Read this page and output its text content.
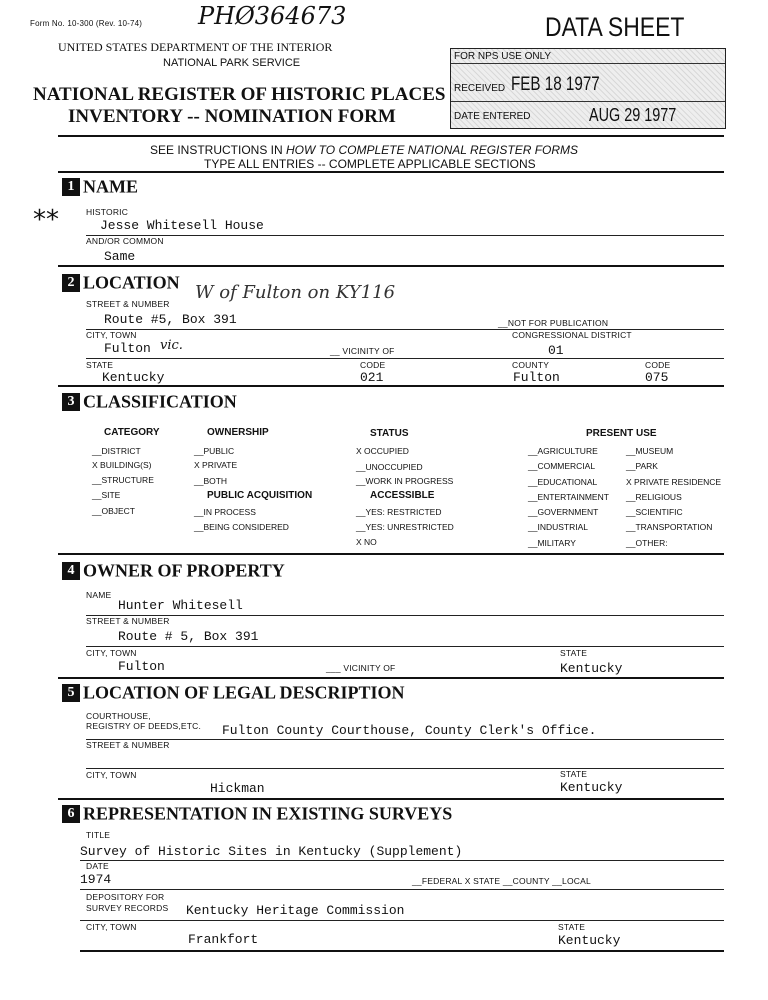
Form No. 10-300 (Rev. 10-74) PHØ364673
UNITED STATES DEPARTMENT OF THE INTERIOR
NATIONAL PARK SERVICE
NATIONAL REGISTER OF HISTORIC PLACES
INVENTORY -- NOMINATION FORM
DATA SHEET
FOR NPS USE ONLY
RECEIVED FEB 18 1977
DATE ENTERED	AUG 29 1977
SEE INSTRUCTIONS IN HOW TO COMPLETE NATIONAL REGISTER FORMS
TYPE ALL ENTRIES -- COMPLETE APPLICABLE SECTIONS
1 NAME
**	HISTORIC
Jesse Whitesell House
AND/OR COMMON
Same
2 LOCATION
STREET & NUMBER
W of Fulton on KY116
Route #5, Box 391	__NOT FOR PUBLICATION
CITY, TOWN	CONGRESSIONAL DISTRICT
Fulton vic.	__ VICINITY OF	01
STATE	CODE	COUNTY	CODE
Kentucky	021	Fulton	075
3 CLASSIFICATION
CATEGORY
__DISTRICT
X BUILDING(S)
__STRUCTURE
__SITE
__OBJECT
OWNERSHIP
__PUBLIC
X PRIVATE
__BOTH
PUBLIC ACQUISITION
__IN PROCESS
__BEING CONSIDERED
STATUS
X OCCUPIED
__UNOCCUPIED
__WORK IN PROGRESS
ACCESSIBLE
__YES: RESTRICTED
__YES: UNRESTRICTED
X NO
PRESENT USE
__AGRICULTURE
__COMMERCIAL
__EDUCATIONAL
__ENTERTAINMENT
__GOVERNMENT
__INDUSTRIAL
__MILITARY
__MUSEUM
__PARK
X PRIVATE RESIDENCE
__RELIGIOUS
__SCIENTIFIC
__TRANSPORTATION
__OTHER:
4 OWNER OF PROPERTY
NAME
Hunter Whitesell
STREET & NUMBER
Route # 5, Box 391
CITY, TOWN	STATE
Fulton	___ VICINITY OF	Kentucky
5 LOCATION OF LEGAL DESCRIPTION
COURTHOUSE,
REGISTRY OF DEEDS,ETC. Fulton County Courthouse, County Clerk's Office.
STREET & NUMBER
CITY, TOWN	STATE
Hickman	Kentucky
6 REPRESENTATION IN EXISTING SURVEYS
TITLE
Survey of Historic Sites in Kentucky (Supplement)
DATE
1974	__FEDERAL X STATE __COUNTY __LOCAL
DEPOSITORY FOR
SURVEY RECORDS Kentucky Heritage Commission
CITY, TOWN	STATE
Frankfort	Kentucky
